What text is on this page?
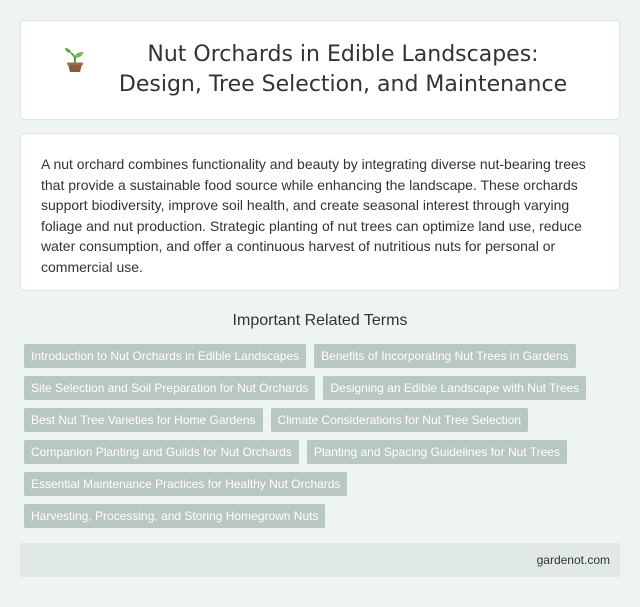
Nut Orchards in Edible Landscapes: Design, Tree Selection, and Maintenance

A nut orchard combines functionality and beauty by integrating diverse nut-bearing trees that provide a sustainable food source while enhancing the landscape. These orchards support biodiversity, improve soil health, and create seasonal interest through varying foliage and nut production. Strategic planting of nut trees can optimize land use, reduce water consumption, and offer a continuous harvest of nutritious nuts for personal or commercial use.

Important Related Terms
Introduction to Nut Orchards in Edible Landscapes	Benefits of Incorporating Nut Trees in Gardens
Site Selection and Soil Preparation for Nut Orchards	Designing an Edible Landscape with Nut Trees
Best Nut Tree Varieties for Home Gardens	Climate Considerations for Nut Tree Selection
Companion Planting and Guilds for Nut Orchards	Planting and Spacing Guidelines for Nut Trees
Essential Maintenance Practices for Healthy Nut Orchards
Harvesting, Processing, and Storing Homegrown Nuts
gardenot.com
